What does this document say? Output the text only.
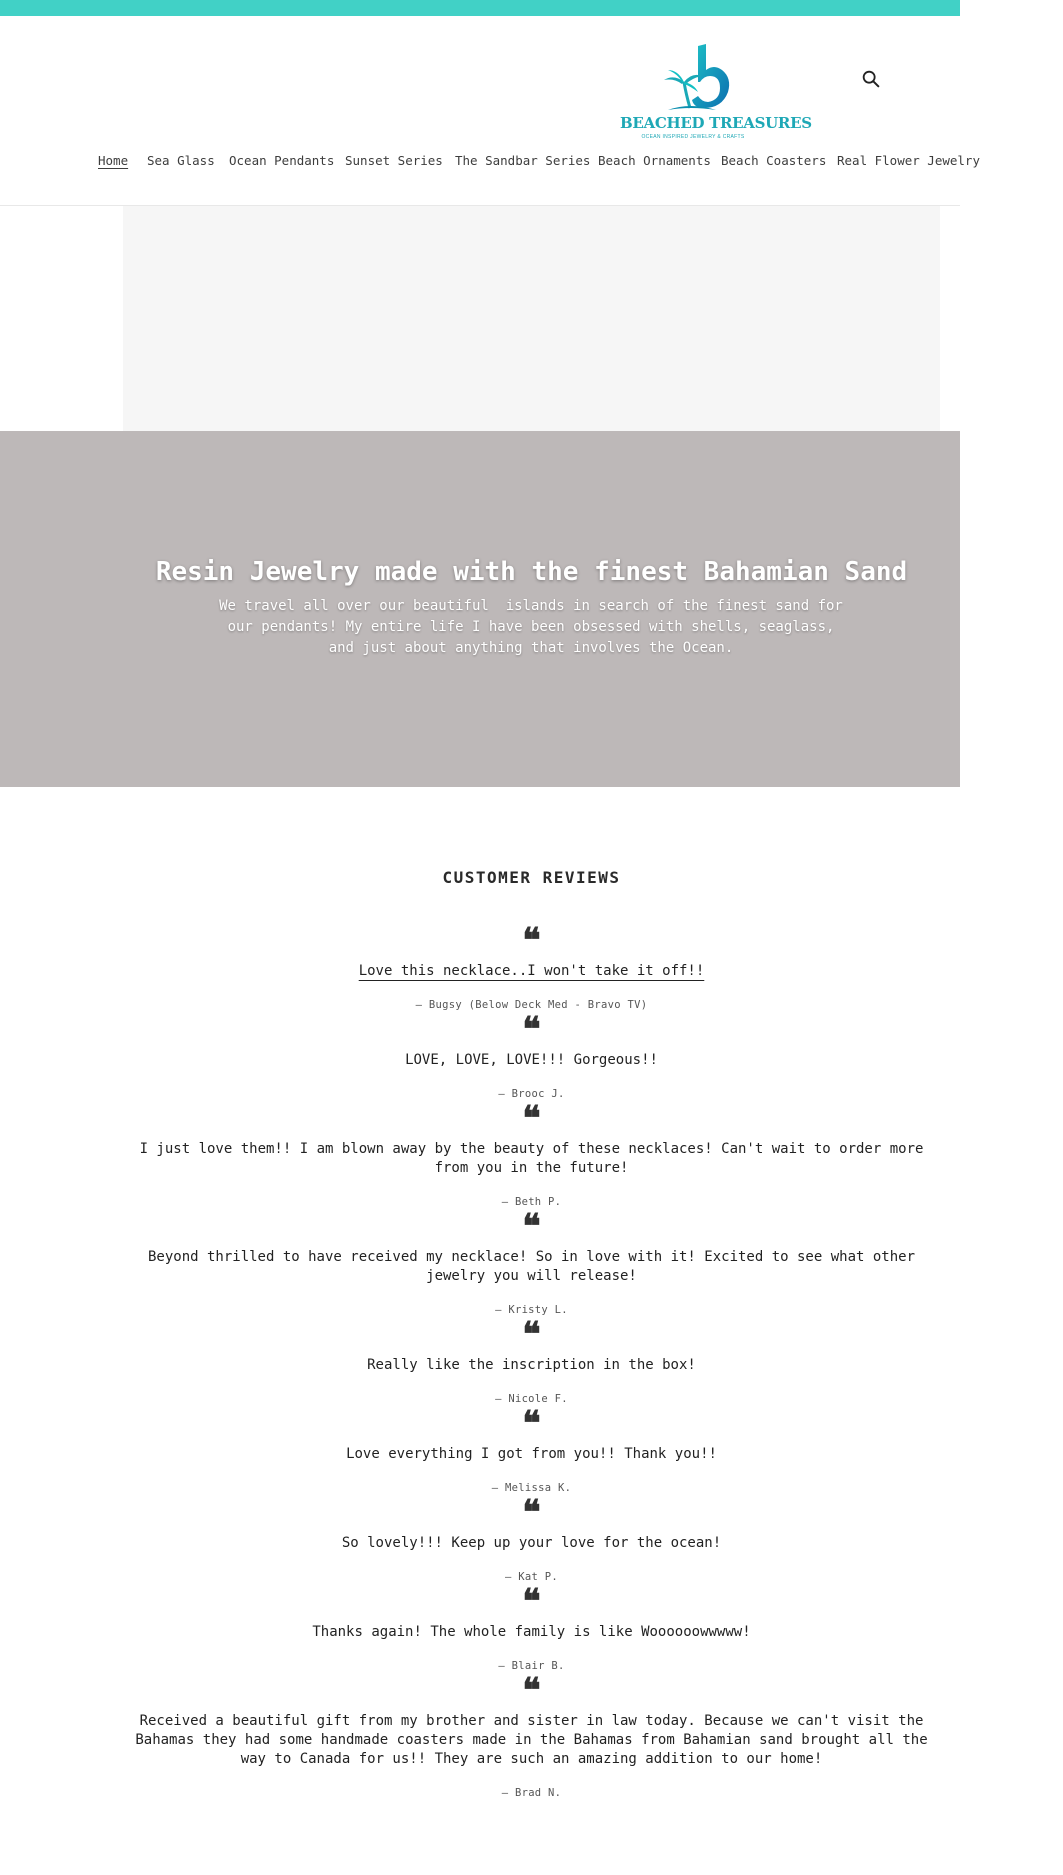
BEACHED TREASURES
OCEAN INSPIRED JEWELRY & CRAFTS
Home Sea Glass Ocean Pendants Sunset Series The Sandbar Series Beach Ornaments Beach Coasters Real Flower Jewelry
Resin Jewelry made with the finest Bahamian Sand

We travel all over our beautiful  islands in search of the finest sand for our pendants! My entire life I have been obsessed with shells, seaglass, and just about anything that involves the Ocean.

CUSTOMER REVIEWS
❝
Love this necklace..I won't take it off!!
— Bugsy (Below Deck Med - Bravo TV)
❝
LOVE, LOVE, LOVE!!! Gorgeous!!
— Brooc J.
❝
I just love them!! I am blown away by the beauty of these necklaces! Can't wait to order more from you in the future!
— Beth P.
❝
Beyond thrilled to have received my necklace! So in love with it! Excited to see what other jewelry you will release!
— Kristy L.
❝
Really like the inscription in the box!
— Nicole F.
❝
Love everything I got from you!! Thank you!!
— Melissa K.
❝
So lovely!!! Keep up your love for the ocean!
— Kat P.
❝
Thanks again! The whole family is like Woooooowwwww!
— Blair B.
❝
Received a beautiful gift from my brother and sister in law today. Because we can't visit the Bahamas they had some handmade coasters made in the Bahamas from Bahamian sand brought all the way to Canada for us!! They are such an amazing addition to our home!
— Brad N.
